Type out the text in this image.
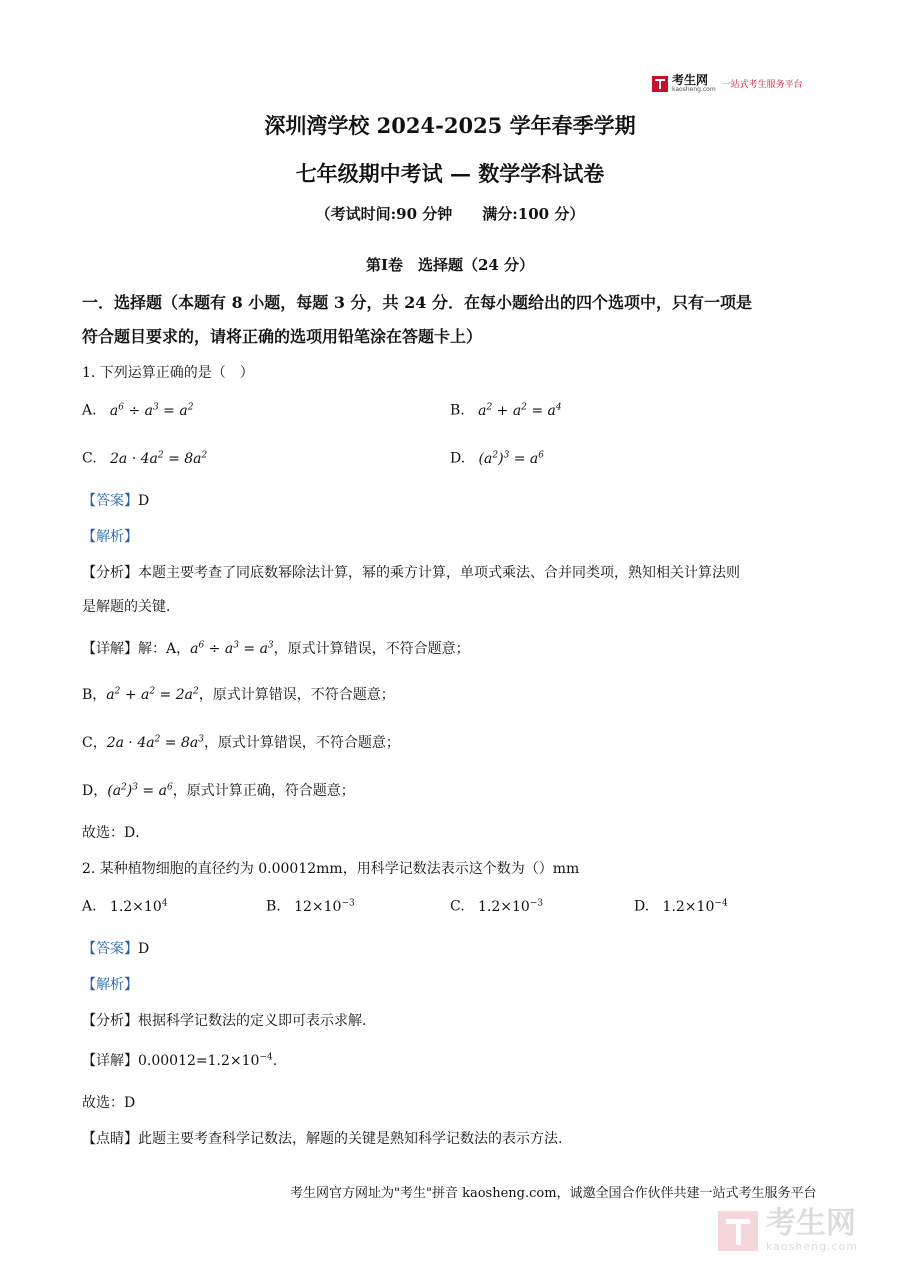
考生网
kaosheng.com 一站式考生服务平台
深圳湾学校 2024-2025 学年春季学期
七年级期中考试 — 数学学科试卷
（考试时间:90 分钟　　满分:100 分）
第Ⅰ卷　选择题（24 分）
一．选择题（本题有 8 小题，每题 3 分，共 24 分．在每小题给出的四个选项中，只有一项是
符合题目要求的，请将正确的选项用铅笔涂在答题卡上）
1. 下列运算正确的是（　）
A.   $a^6 \div a^3 = a^2$	B.   $a^2 + a^2 = a^4$
C.   $2a \cdot 4a^2 = 8a^2$	D.   $(a^2)^3 = a^6$
【答案】D
【解析】
【分析】本题主要考查了同底数幂除法计算，幂的乘方计算，单项式乘法、合并同类项，熟知相关计算法则
是解题的关键．
【详解】解：A，$a^6 \div a^3 = a^3$，原式计算错误，不符合题意；
B，$a^2 + a^2 = 2a^2$，原式计算错误，不符合题意；
C，$2a \cdot 4a^2 = 8a^3$，原式计算错误，不符合题意；
D，$(a^2)^3 = a^6$，原式计算正确，符合题意；
故选：D．
2. 某种植物细胞的直径约为 0.00012mm，用科学记数法表示这个数为（）mm
A.   $1.2\times 10^4$	B.   $12\times 10^{-3}$	C.   $1.2\times 10^{-3}$	D.   $1.2\times 10^{-4}$
【答案】D
【解析】
【分析】根据科学记数法的定义即可表示求解.
【详解】$0.00012=1.2\times 10^{-4}$.
故选：D
【点睛】此题主要考查科学记数法，解题的关键是熟知科学记数法的表示方法.
考生网官方网址为"考生"拼音 kaosheng.com，诚邀全国合作伙伴共建一站式考生服务平台
考生网
kaosheng.com
